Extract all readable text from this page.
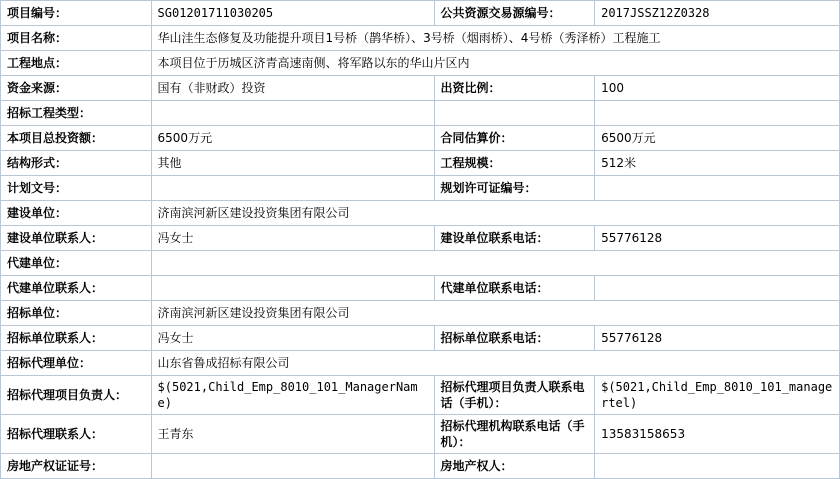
项目编号：	SG01201711030205	公共资源交易源编号：	2017JSSZ12Z0328
项目名称：	华山洼生态修复及功能提升项目1号桥（鹊华桥）、3号桥（烟雨桥）、4号桥（秀泽桥）工程施工		
工程地点：	本项目位于历城区济青高速南侧、将军路以东的华山片区内		
资金来源：	国有（非财政）投资	出资比例：	100
招标工程类型：			
本项目总投资额：	6500万元	合同估算价：	6500万元
结构形式：	其他	工程规模：	512米
计划文号：		规划许可证编号：	
建设单位：	济南滨河新区建设投资集团有限公司		
建设单位联系人：	冯女士	建设单位联系电话：	55776128
代建单位：			
代建单位联系人：		代建单位联系电话：	
招标单位：	济南滨河新区建设投资集团有限公司		
招标单位联系人：	冯女士	招标单位联系电话：	55776128
招标代理单位：	山东省鲁成招标有限公司		
招标代理项目负责人：	$(5021,Child_Emp_8010_101_ManagerName)	招标代理项目负责人联系电话（手机）：	$(5021,Child_Emp_8010_101_managertel)
招标代理联系人：	王青东	招标代理机构联系电话（手机）：	13583158653
房地产权证证号：		房地产权人：	
